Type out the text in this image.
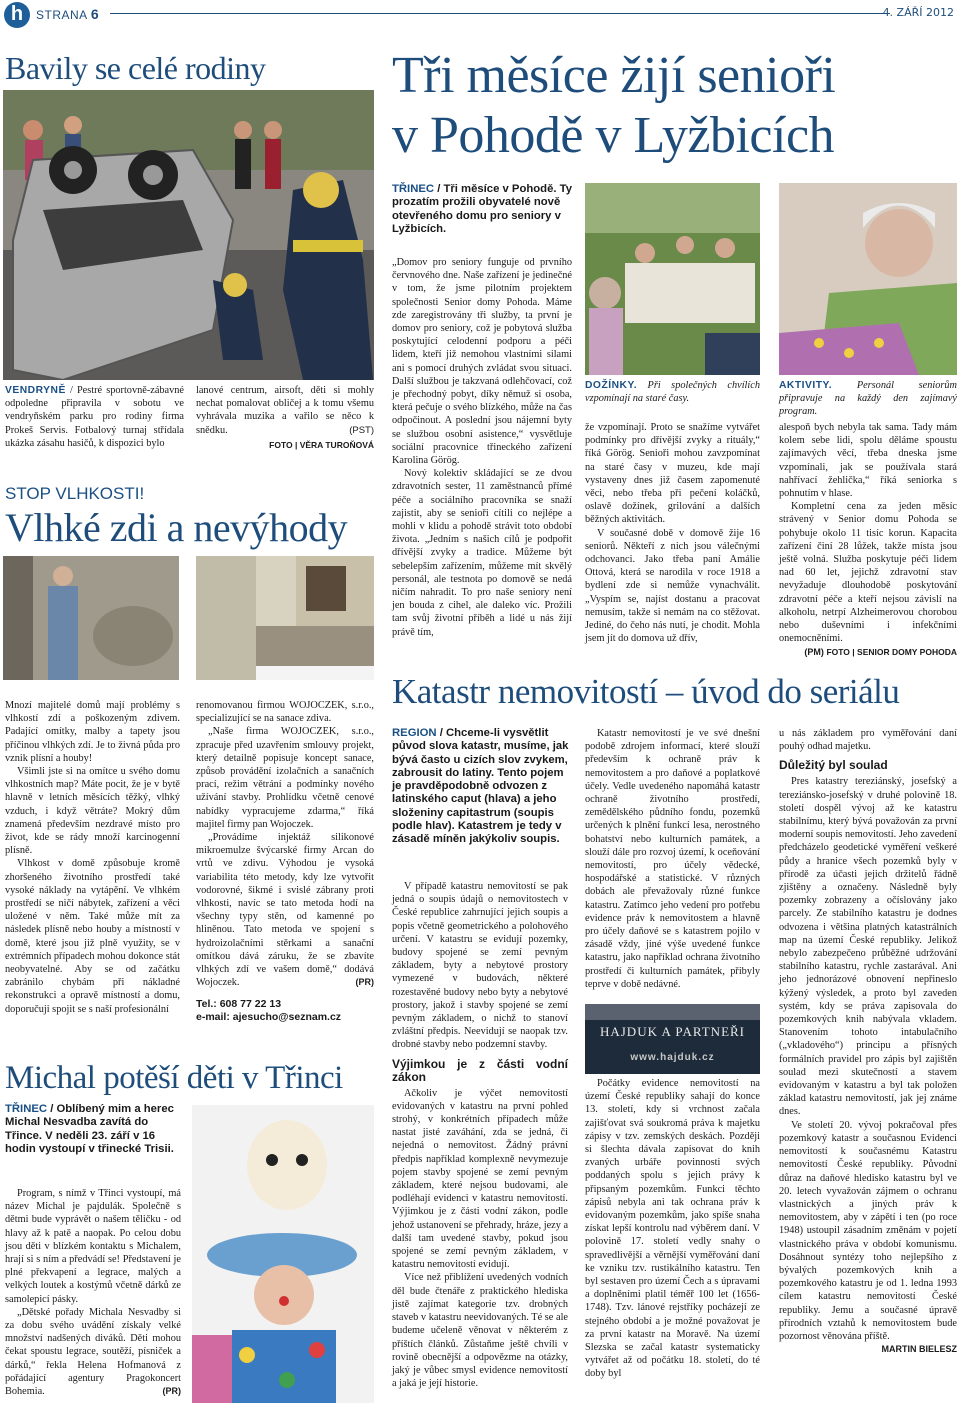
h	STRANA 6	4. ZÁŘÍ 2012
Bavily se celé rodiny
VENDRYNĚ / Pestré sportovně-zábavné odpoledne připravila v sobotu ve vendryňském parku pro rodiny firma Prokeš Servis. Fotbalový turnaj střídala ukázka zásahu hasičů, k dispozici bylo
lanové centrum, airsoft, děti si mohly nechat pomalovat obličej a k tomu všemu vyhrávala muzika a vařilo se něco k snědku.	(PST)
FOTO | VĚRA TUROŇOVÁ
Tři měsíce žijí senioři
v Pohodě v Lyžbicích
TŘINEC / Tři měsíce v Pohodě. Ty prozatím prožili obyvatelé nově otevřeného domu pro seniory v Lyžbicích.
DOŽÍNKY. Při společných chvílích vzpomínají na staré časy.
AKTIVITY. Personál seniorům připravuje na každý den zajímavý program.

„Domov pro seniory funguje od prvního červnového dne. Naše zařízení je jedinečné v tom, že jsme pilotním projektem společnosti Senior domy Pohoda. Máme zde zaregistrovány tři služby, ta první je domov pro seniory, což je pobytová služba poskytující celodenní podporu a péči lidem, kteří již nemohou vlastními silami ani s pomocí druhých zvládat svou situaci. Další službou je takzvaná odlehčovací, což je přechodný pobyt, díky němuž si osoba, která pečuje o svého blízkého, může na čas odpočinout. A poslední jsou nájemní byty se službou osobní asistence,“ vysvětluje sociální pracovnice třineckého zařízení Karolina Görög.

Nový kolektiv skládající se ze dvou zdravotních sester, 11 zaměstnanců přímé péče a sociálního pracovníka se snaží zajistit, aby se senioři cítili co nejlépe a mohli v klidu a pohodě strávit toto období života. „Jedním s našich cílů je podpořit dřívější zvyky a tradice. Můžeme být sebelepším zařízením, můžeme mít skvělý personál, ale testnota po domově se nedá ničím nahradit. To pro naše seniory není jen bouda z cihel, ale daleko víc. Prožili tam svůj životní příběh a lidé u nás žijí právě tím,

že vzpomínají. Proto se snažíme vytvářet podmínky pro dřívější zvyky a rituály,“ říká Görög. Senioři mohou zavzpomínat na staré časy v muzeu, kde mají vystaveny dnes již časem zapomenuté věci, nebo třeba při pečení koláčků, oslavě dožínek, grilování a dalších běžných aktivitách.

V současné době v domově žije 16 seniorů. Někteří z nich jsou válečnými odchovanci. Jako třeba paní Amálie Ottová, která se narodila v roce 1918 a bydlení zde si nemůže vynachválit. „Vyspím se, najíst dostanu a pracovat nemusím, takže si nemám na co stěžovat. Jediné, do čeho nás nutí, je chodit. Mohla jsem jít do domova už dřív,

alespoň bych nebyla tak sama. Tady mám kolem sebe lidi, spolu děláme spoustu zajímavých věcí, třeba dneska jsme vzpomínali, jak se používala stará nahřívací žehlička,“ říká seniorka s pohnutím v hlase.

Kompletní cena za jeden měsíc strávený v Senior domu Pohoda se pohybuje okolo 11 tisíc korun. Kapacita zařízení činí 28 lůžek, takže místa jsou ještě volná. Služba poskytuje péči lidem nad 60 let, jejichž zdravotní stav nevyžaduje dlouhodobě poskytování zdravotní péče a kteří nejsou závislí na alkoholu, netrpí Alzheimerovou chorobou nebo duševními i infekčními onemocněními.

(PM) FOTO | SENIOR DOMY POHODA
STOP VLHKOSTI!
Vlhké zdi a nevýhody

Mnozí majitelé domů mají problémy s vlhkostí zdí a poškozeným zdivem. Padající omítky, malby a tapety jsou příčinou vlhkých zdí. Je to živná půda pro vznik plísní a houby!

Všimli jste si na omítce u svého domu vlhkostních map? Máte pocit, že je v bytě hlavně v letních měsících těžký, vlhký vzduch, i když větráte? Mokrý dům znamená především nezdravé místo pro život, kde se rády množí karcinogenní plísně.

Vlhkost v domě způsobuje kromě zhoršeného životního prostředí také vysoké náklady na vytápění. Ve vlhkém prostředí se ničí nábytek, zařízení a věci uložené v něm. Také může mít za následek plísně nebo houby a místností v domě, které jsou již plně využity, se v extrémních případech mohou dokonce stát neobyvatelné. Aby se od začátku zabránilo chybám při nákladné rekonstrukci a opravě místností a domu, doporučuji spojit se s naší profesionální

renomovanou firmou WOJOCZEK, s.r.o., specializující se na sanace zdiva.

„Naše firma WOJOCZEK, s.r.o., zpracuje před uzavřením smlouvy projekt, který detailně popisuje koncept sanace, způsob provádění izolačních a sanačních prací, režim větrání a podmínky nového užívání stavby. Prohlídku včetně cenové nabídky vypracujeme zdarma,“ říká majitel firmy pan Wojoczek.

„Provádíme injektáž silikonové mikroemulze švýcarské firmy Arcan do vrtů ve zdivu. Výhodou je vysoká variabilita této metody, kdy lze vytvořit vodorovné, šikmé i svislé zábrany proti vlhkosti, navíc se tato metoda hodí na všechny typy stěn, od kamenné po hliněnou. Tato metoda ve spojení s hydroizolačními stěrkami a sanační omítkou dává záruku, že se zbavíte vlhkých zdí ve vašem domě,“ dodává Wojoczek.	(PR)
Tel.: 608 77 22 13
e-mail: ajesucho@seznam.cz
Michal potěší děti v Třinci
TŘINEC / Oblíbený mim a herec Michal Nesvadba zavítá do Třince. V neděli 23. září v 16 hodin vystoupí v třinecké Trisii.

Program, s nímž v Třinci vystoupí, má název Michal je pajdulák. Společně s dětmi bude vyprávět o našem těličku - od hlavy až k patě a naopak. Po celou dobu jsou děti v blízkém kontaktu s Michalem, hrají si s ním a předvádí se! Představení je plné překvapení a legrace, malých a velkých loutek a kostýmů včetně dárků ze samolepicí pásky.

„Dětské pořady Michala Nesvadby si za dobu svého uvádění získaly velké množství nadšených diváků. Děti mohou čekat spoustu legrace, soutěží, písniček a dárků,“ řekla Helena Hofmanová z pořádající agentury Pragokoncert Bohemia.	(PR)
Katastr nemovitostí – úvod do seriálu
REGION / Chceme-li vysvětlit původ slova katastr, musíme, jak bývá často u cizích slov zvykem, zabrousit do latiny. Tento pojem je pravděpodobně odvozen z latinského caput (hlava) a jeho složeniny capitastrum (soupis podle hlav). Katastrem je tedy v zásadě míněn jakýkoliv soupis.

V případě katastru nemovitostí se pak jedná o soupis údajů o nemovitostech v České republice zahrnující jejich soupis a popis včetně geometrického a polohového určení. V katastru se evidují pozemky, budovy spojené se zemí pevným základem, byty a nebytové prostory vymezené v budovách, některé rozestavěné budovy nebo byty a nebytové prostory, jakož i stavby spojené se zemí pevným základem, o nichž to stanoví zvláštní předpis. Neevidují se naopak tzv. drobné stavby nebo podzemní stavby.

Výjimkou je z části vodní zákon

Ačkoliv je výčet nemovitostí evidovaných v katastru na první pohled strohý, v konkrétních případech může nastat jisté zaváhání, zda se jedná, či nejedná o nemovitost. Žádný právní předpis například komplexně nevymezuje pojem stavby spojené se zemí pevným základem, které nejsou budovami, ale podléhají evidenci v katastru nemovitostí. Výjimkou je z části vodní zákon, podle jehož ustanovení se přehrady, hráze, jezy a další tam uvedené stavby, pokud jsou spojené se zemí pevným základem, v katastru nemovitostí evidují.

Více než přiblížení uvedených vodních děl bude čtenáře z praktického hlediska jistě zajímat kategorie tzv. drobných staveb v katastru neevidovaných. Té se ale budeme učeleně věnovat v některém z příštích článků. Zůstaňme ještě chvíli v rovině obecnější a odpovězme na otázky, jaký je vůbec smysl evidence nemovitostí a jaká je její historie.

Katastr nemovitostí je ve své dnešní podobě zdrojem informací, které slouží především k ochraně práv k nemovitostem a pro daňové a poplatkové účely. Vedle uvedeného napomáhá katastr ochraně životního prostředí, zemědělského půdního fondu, pozemků určených k plnění funkcí lesa, nerostného bohatství nebo kulturních památek, a slouží dále pro rozvoj území, k oceňování nemovitostí, pro účely vědecké, hospodářské a statistické. V různých dobách ale převažovaly různé funkce katastru. Zatímco jeho vedení pro potřebu evidence práv k nemovitostem a hlavně pro účely daňové se s katastrem pojilo v zásadě vždy, jiné výše uvedené funkce katastru, jako například ochrana životního prostředí či kulturních památek, přibyly teprve v době nedávné.

HAJDUK A PARTNEŘI
www.hajduk.cz

Počátky evidence nemovitostí na území České republiky sahají do konce 13. století, kdy si vrchnost začala zajišťovat svá soukromá práva k majetku zápisy v tzv. zemských deskách. Později si šlechta dávala zapisovat do knih zvaných urbáře povinnosti svých poddaných spolu s jejich právy k připsaným pozemkům. Funkci těchto zápisů nebyla ani tak ochrana práv k evidovaným pozemkům, jako spíše snaha získat lepší kontrolu nad výběrem daní. V polovině 17. století vedly snahy o spravedlivější a věrnější vyměřování daní ke vzniku tzv. rustikálního katastru. Ten byl sestaven pro území Čech a s úpravami a doplněními platil téměř 100 let (1656-1748). Tzv. lánové rejstříky pocházejí ze stejného období a je možné považovat je za první katastr na Moravě. Na území Slezska se začal katastr systematicky vytvářet až od počátku 18. století, do té doby byl

u nás základem pro vyměřování daní pouhý odhad majetku.

Důležitý byl soulad

Pres katastry tereziánský, josefský a tereziánsko-josefský v druhé polovině 18. století dospěl vývoj až ke katastru stabilnímu, který bývá považován za první moderní soupis nemovitostí. Jeho zavedení předcházelo geodetické vyměření veškeré půdy a hranice všech pozemků byly v přírodě za účasti jejich držitelů řádně zjištěny a označeny. Následně byly pozemky zobrazeny a očíslovány jako parcely. Ze stabilního katastru je dodnes odvozena i většina platných katastrálních map na území České republiky. Jelikož nebylo zabezpečeno průběžné udržování stabilního katastru, rychle zastarával. Ani jeho jednorázové obnovení nepřineslo kýžený výsledek, a proto byl zaveden systém, kdy se práva zapisovala do pozemkových knih nabývala vkladem. Stanovením tohoto intabulačního („vkladového“) principu a přísných formálních pravidel pro zápis byl zajištěn soulad mezi skutečností a stavem evidovaným v katastru a byl tak položen základ katastru nemovitostí, jak jej známe dnes.

Ve století 20. vývoj pokračoval přes pozemkový katastr a současnou Evidenci nemovitostí k současnému Katastru nemovitostí České republiky. Původní důraz na daňové hledisko katastru byl ve 20. letech vyvažován zájmem o ochranu vlastnických a jiných práv k nemovitostem, aby v zápětí i ten (po roce 1948) ustoupil zásadním změnám v pojetí vlastnického práva v období komunismu. Dosáhnout syntézy toho nejlepšího z bývalých pozemkových knih a pozemkového katastru je od 1. ledna 1993 cílem katastru nemovitostí České republiky. Jemu a současné úpravě přírodních vztahů k nemovitostem bude pozornost věnována příště.

MARTIN BIELESZ
